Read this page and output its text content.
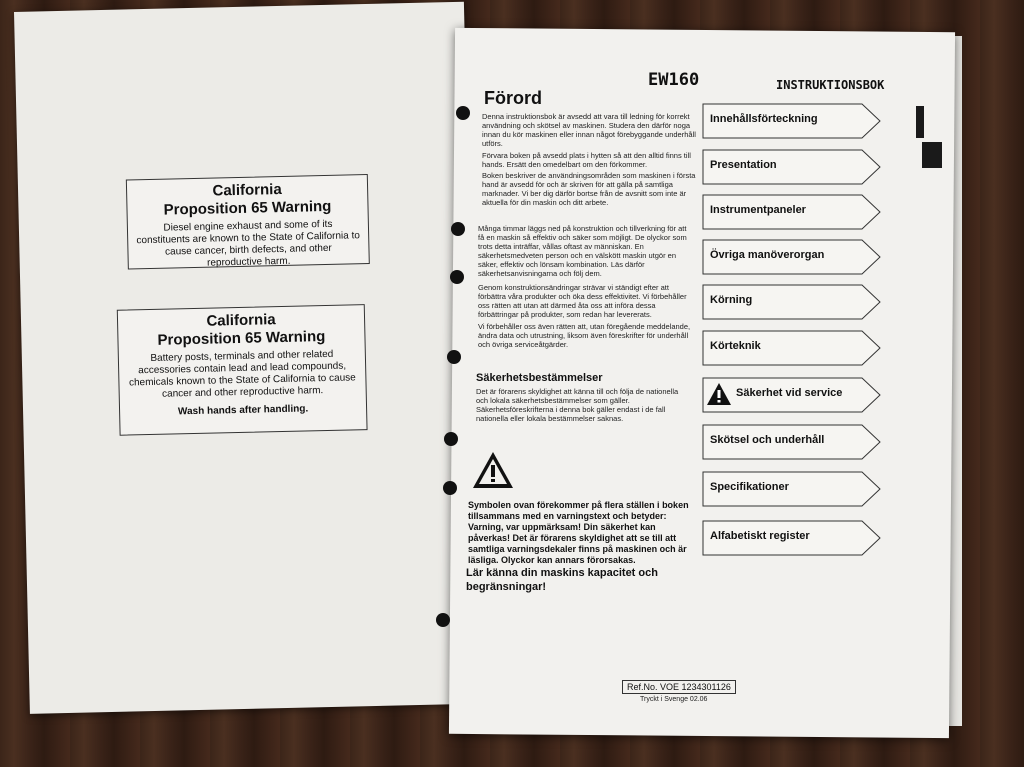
California
Proposition 65 Warning
Diesel engine exhaust and some of its constituents are known to the State of California to cause cancer, birth defects, and other reproductive harm.
California
Proposition 65 Warning
Battery posts, terminals and other related accessories contain lead and lead compounds, chemicals known to the State of California to cause cancer and other reproductive harm.
Wash hands after handling.
EW160	INSTRUKTIONSBOK
Förord
Denna instruktionsbok är avsedd att vara till ledning för korrekt användning och skötsel av maskinen. Studera den därför noga innan du kör maskinen eller innan något förebyggande underhåll utförs.
Förvara boken på avsedd plats i hytten så att den alltid finns till hands. Ersätt den omedelbart om den förkommer.
Boken beskriver de användningsområden som maskinen i första hand är avsedd för och är skriven för att gälla på samtliga marknader. Vi ber dig därför bortse från de avsnitt som inte är aktuella för din maskin och ditt arbete.
Många timmar läggs ned på konstruktion och tillverkning för att få en maskin så effektiv och säker som möjligt. De olyckor som trots detta inträffar, vållas oftast av människan. En säkerhetsmedveten person och en välskött maskin utgör en säker, effektiv och lönsam kombination. Läs därför säkerhetsanvisningarna och följ dem.
Genom konstruktionsändringar strävar vi ständigt efter att förbättra våra produkter och öka dess effektivitet. Vi förbehåller oss rätten att utan att därmed åta oss att införa dessa förbättringar på produkter, som redan har levererats.
Vi förbehåller oss även rätten att, utan föregående meddelande, ändra data och utrustning, liksom även föreskrifter för underhåll och övriga serviceåtgärder.
Säkerhetsbestämmelser
Det är förarens skyldighet att känna till och följa de nationella och lokala säkerhetsbestämmelser som gäller. Säkerhetsföreskrifterna i denna bok gäller endast i de fall nationella eller lokala bestämmelser saknas.
Symbolen ovan förekommer på flera ställen i boken tillsammans med en varningstext och betyder: Varning, var uppmärksam! Din säkerhet kan påverkas! Det är förarens skyldighet att se till att samtliga varningsdekaler finns på maskinen och är läsliga. Olyckor kan annars förorsakas.
Lär känna din maskins kapacitet och begränsningar!
Ref.No. VOE 1234301126
Tryckt i Svenge 02.06
Innehållsförteckning
Presentation
Instrumentpaneler
Övriga manöverorgan
Körning
Körteknik
Säkerhet vid service
Skötsel och underhåll
Specifikationer
Alfabetiskt register
